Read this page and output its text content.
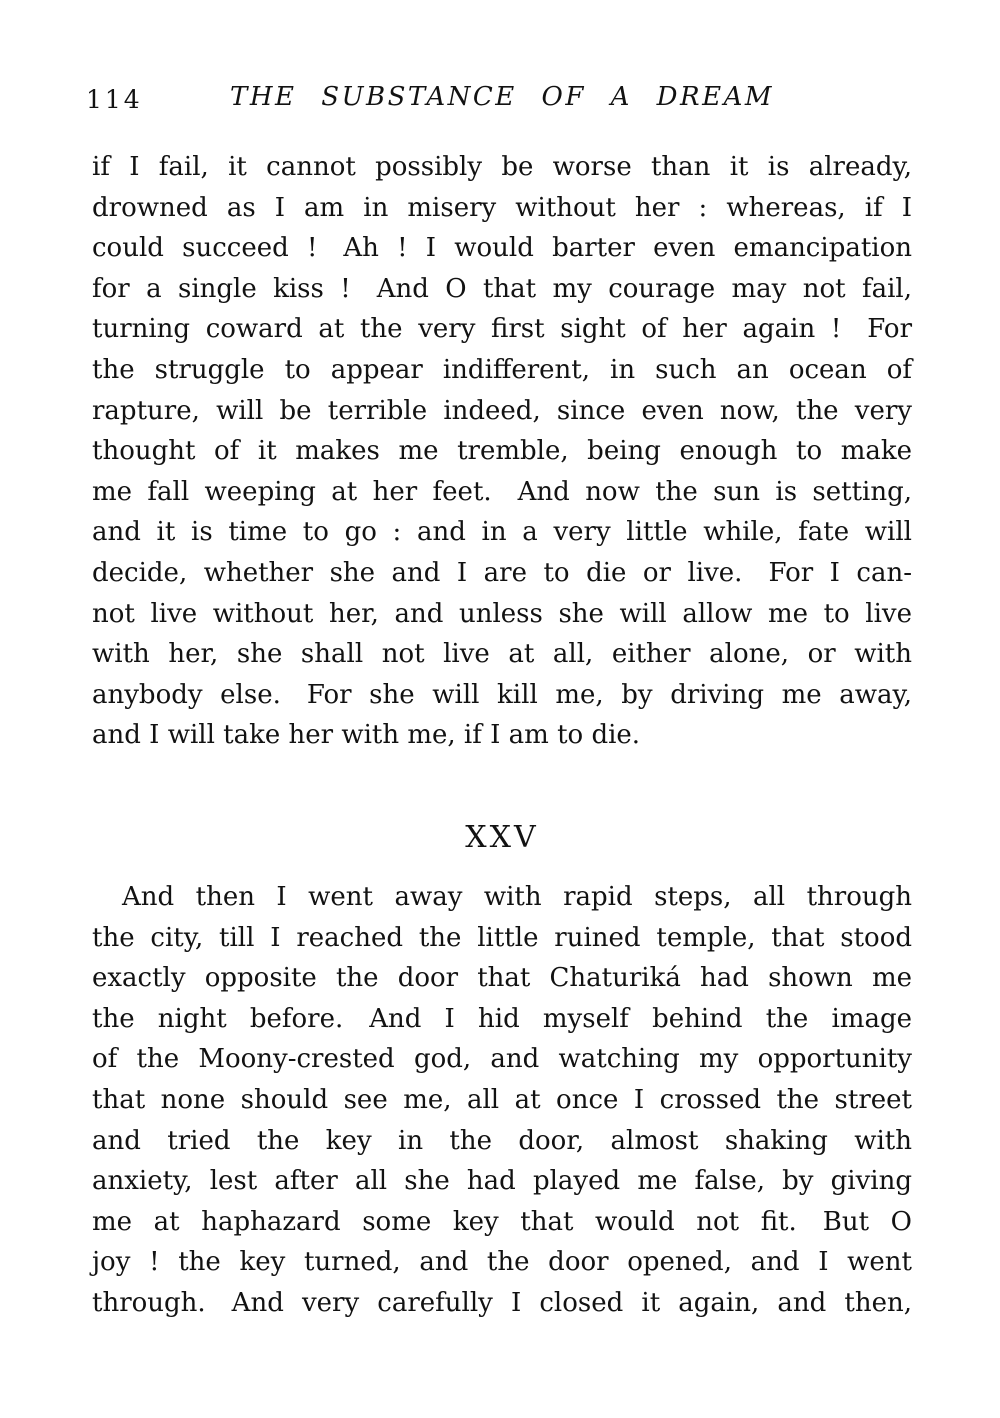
114	THE SUBSTANCE OF A DREAM
if I fail, it cannot possibly be worse than it is already,
drowned as I am in misery without her : whereas, if I
could succeed ! Ah ! I would barter even emancipation
for a single kiss ! And O that my courage may not fail,
turning coward at the very first sight of her again ! For
the struggle to appear indifferent, in such an ocean of
rapture, will be terrible indeed, since even now, the very
thought of it makes me tremble, being enough to make
me fall weeping at her feet. And now the sun is setting,
and it is time to go : and in a very little while, fate will
decide, whether she and I are to die or live. For I can-
not live without her, and unless she will allow me to live
with her, she shall not live at all, either alone, or with
anybody else. For she will kill me, by driving me away,
and I will take her with me, if I am to die.
XXV
And then I went away with rapid steps, all through
the city, till I reached the little ruined temple, that stood
exactly opposite the door that Chaturiká had shown me
the night before. And I hid myself behind the image
of the Moony-crested god, and watching my opportunity
that none should see me, all at once I crossed the street
and tried the key in the door, almost shaking with
anxiety, lest after all she had played me false, by giving
me at haphazard some key that would not fit. But O
joy ! the key turned, and the door opened, and I went
through. And very carefully I closed it again, and then,
